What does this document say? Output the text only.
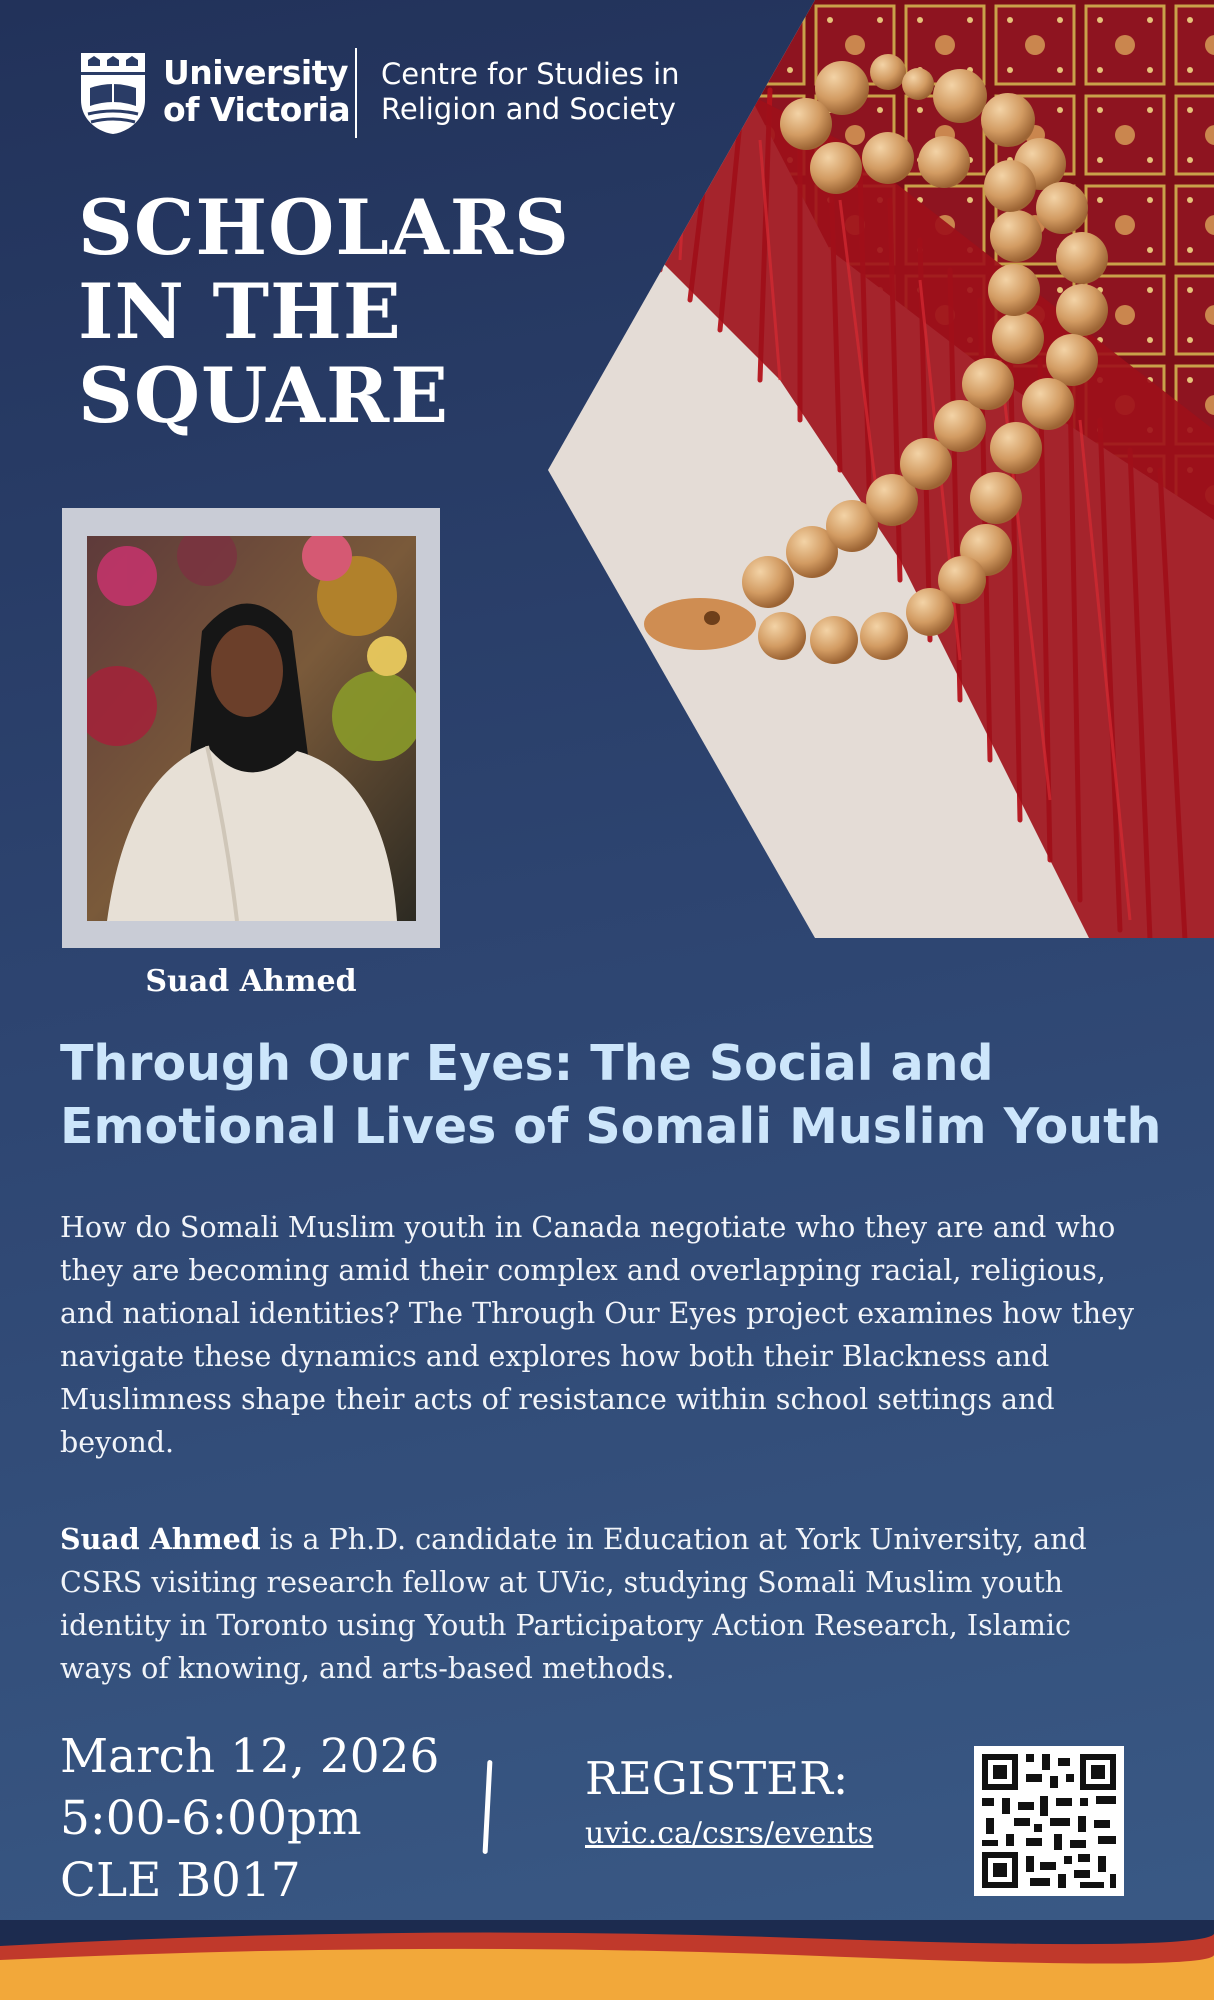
University
of Victoria
Centre for Studies in
Religion and Society
SCHOLARS
IN THE
SQUARE
Suad Ahmed
Through Our Eyes: The Social and
Emotional Lives of Somali Muslim Youth
How do Somali Muslim youth in Canada negotiate who they are and who they are becoming amid their complex and overlapping racial, religious, and national identities? The Through Our Eyes project examines how they navigate these dynamics and explores how both their Blackness and Muslimness shape their acts of resistance within school settings and beyond.
Suad Ahmed is a Ph.D. candidate in Education at York University, and CSRS visiting research fellow at UVic, studying Somali Muslim youth identity in Toronto using Youth Participatory Action Research, Islamic ways of knowing, and arts-based methods.
March 12, 2026
5:00-6:00pm
CLE B017
REGISTER:
uvic.ca/csrs/events
